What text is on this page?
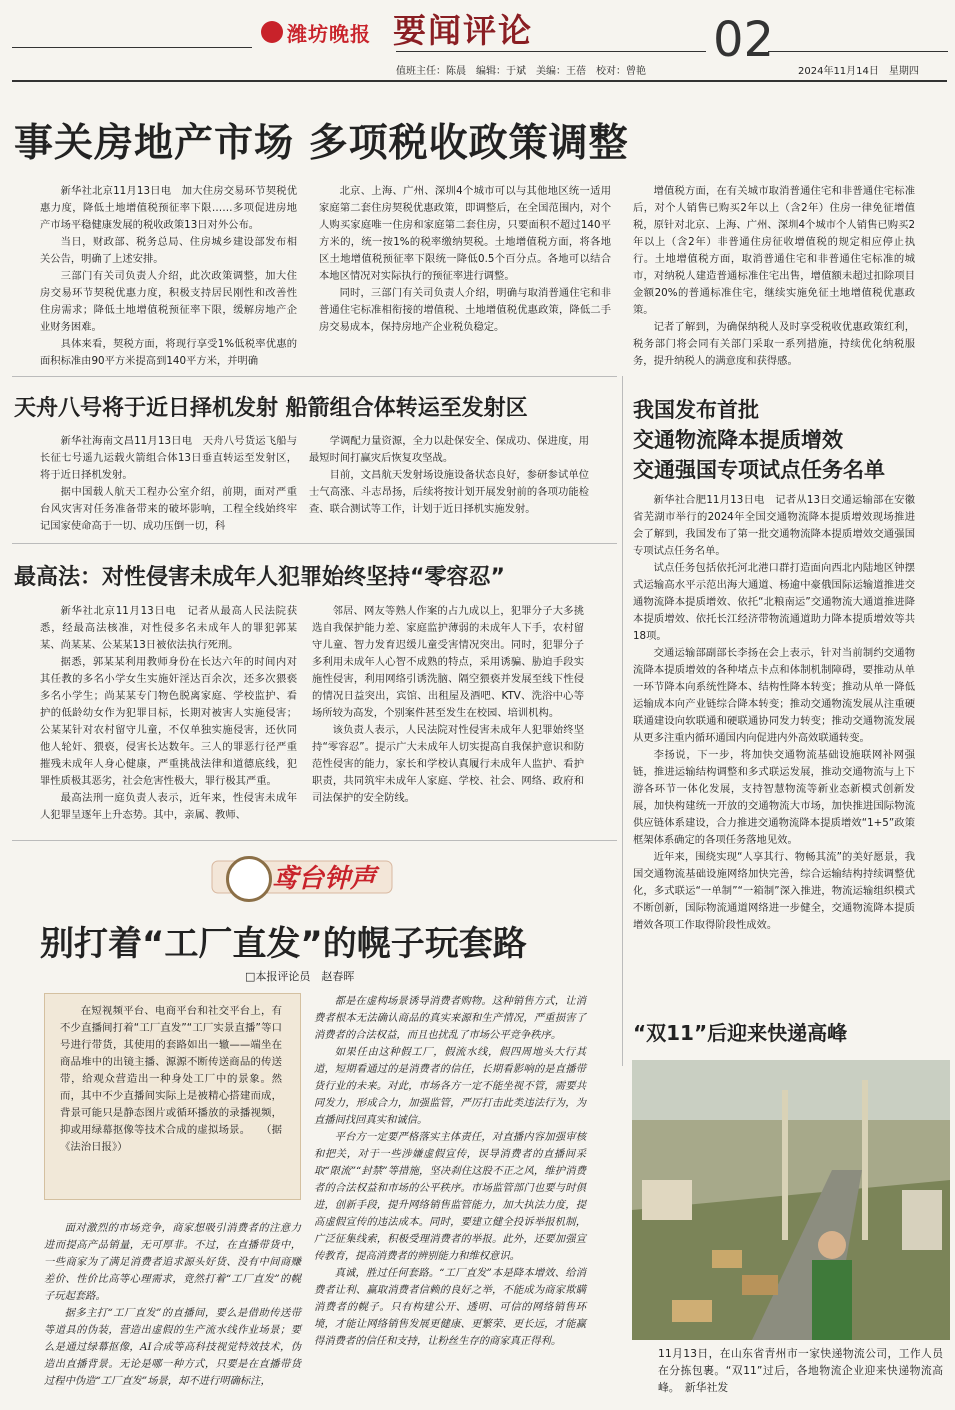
潍坊晚报 要闻评论	02
值班主任：陈晨　编辑：于斌　美编：王蓓　校对：曾艳	2024年11月14日　星期四
事关房地产市场 多项税收政策调整

新华社北京11月13日电　加大住房交易环节契税优惠力度，降低土地增值税预征率下限……多项促进房地产市场平稳健康发展的税收政策13日对外公布。

当日，财政部、税务总局、住房城乡建设部发布相关公告，明确了上述安排。

三部门有关司负责人介绍，此次政策调整，加大住房交易环节契税优惠力度，积极支持居民刚性和改善性住房需求；降低土地增值税预征率下限，缓解房地产企业财务困难。

具体来看，契税方面，将现行享受1%低税率优惠的面积标准由90平方米提高到140平方米，并明确

北京、上海、广州、深圳4个城市可以与其他地区统一适用家庭第二套住房契税优惠政策，即调整后，在全国范围内，对个人购买家庭唯一住房和家庭第二套住房，只要面积不超过140平方米的，统一按1%的税率缴纳契税。土地增值税方面，将各地区土地增值税预征率下限统一降低0.5个百分点。各地可以结合本地区情况对实际执行的预征率进行调整。

同时，三部门有关司负责人介绍，明确与取消普通住宅和非普通住宅标准相衔接的增值税、土地增值税优惠政策，降低二手房交易成本，保持房地产企业税负稳定。

增值税方面，在有关城市取消普通住宅和非普通住宅标准后，对个人销售已购买2年以上（含2年）住房一律免征增值税，原针对北京、上海、广州、深圳4个城市个人销售已购买2年以上（含2年）非普通住房征收增值税的规定相应停止执行。土地增值税方面，取消普通住宅和非普通住宅标准的城市，对纳税人建造普通标准住宅出售，增值额未超过扣除项目金额20%的普通标准住宅，继续实施免征土地增值税优惠政策。

记者了解到，为确保纳税人及时享受税收优惠政策红利，税务部门将会同有关部门采取一系列措施，持续优化纳税服务，提升纳税人的满意度和获得感。

天舟八号将于近日择机发射 船箭组合体转运至发射区

新华社海南文昌11月13日电　天舟八号货运飞船与长征七号遥九运载火箭组合体13日垂直转运至发射区，将于近日择机发射。

据中国载人航天工程办公室介绍，前期，面对严重台风灾害对任务准备带来的破坏影响，工程全线始终牢记国家使命高于一切、成功压倒一切，科

学调配力量资源，全力以赴保安全、保成功、保进度，用最短时间打赢灾后恢复攻坚战。

目前，文昌航天发射场设施设备状态良好，参研参试单位士气高涨、斗志昂扬，后续将按计划开展发射前的各项功能检查、联合测试等工作，计划于近日择机实施发射。

最高法：对性侵害未成年人犯罪始终坚持“零容忍”

新华社北京11月13日电　记者从最高人民法院获悉，经最高法核准，对性侵多名未成年人的罪犯郭某某、尚某某、公某某13日被依法执行死刑。

据悉，郭某某利用教师身份在长达六年的时间内对其任教的多名小学女生实施奸淫达百余次，还多次猥亵多名小学生；尚某某专门物色脱离家庭、学校监护、看护的低龄幼女作为犯罪目标，长期对被害人实施侵害；公某某针对农村留守儿童，不仅单独实施侵害，还伙同他人轮奸、猥亵，侵害长达数年。三人的罪恶行径严重摧残未成年人身心健康，严重挑战法律和道德底线，犯罪性质极其恶劣，社会危害性极大，罪行极其严重。

最高法刑一庭负责人表示，近年来，性侵害未成年人犯罪呈逐年上升态势。其中，亲属、教师、

邻居、网友等熟人作案的占九成以上，犯罪分子大多挑选自我保护能力差、家庭监护薄弱的未成年人下手，农村留守儿童、智力发育迟缓儿童受害情况突出。同时，犯罪分子多利用未成年人心智不成熟的特点，采用诱骗、胁迫手段实施性侵害，利用网络引诱洗脑、隔空猥亵并发展至线下性侵的情况日益突出，宾馆、出租屋及酒吧、KTV、洗浴中心等场所较为高发，个别案件甚至发生在校园、培训机构。

该负责人表示，人民法院对性侵害未成年人犯罪始终坚持“零容忍”。提示广大未成年人切实提高自我保护意识和防范性侵害的能力，家长和学校认真履行未成年人监护、看护职责，共同筑牢未成年人家庭、学校、社会、网络、政府和司法保护的安全防线。

我国发布首批
交通物流降本提质增效
交通强国专项试点任务名单

新华社合肥11月13日电　记者从13日交通运输部在安徽省芜湖市举行的2024年全国交通物流降本提质增效现场推进会了解到，我国发布了第一批交通物流降本提质增效交通强国专项试点任务名单。

试点任务包括依托河北港口群打造面向西北内陆地区钟摆式运输高水平示范出海大通道、杨逾中豪俄国际运输道推进交通物流降本提质增效、依托“北粮南运”交通物流大通道推进降本提质增效、依托长江经济带物流通道助力降本提质增效等共18项。

交通运输部副部长李扬在会上表示，针对当前制约交通物流降本提质增效的各种堵点卡点和体制机制障碍，要推动从单一环节降本向系统性降本、结构性降本转变；推动从单一降低运输成本向产业链综合降本转变；推动交通物流发展从注重硬联通建设向软联通和硬联通协同发力转变；推动交通物流发展从更多注重内循环通国内向促进内外高效联通转变。

李扬说，下一步，将加快交通物流基础设施联网补网强链，推进运输结构调整和多式联运发展，推动交通物流与上下游各环节一体化发展，支持智慧物流等新业态新模式创新发展，加快构建统一开放的交通物流大市场，加快推进国际物流供应链体系建设，合力推进交通物流降本提质增效“1+5”政策框架体系确定的各项任务落地见效。

近年来，围绕实现“人享其行、物畅其流”的美好愿景，我国交通物流基础设施网络加快完善，综合运输结构持续调整优化，多式联运“一单制”“一箱制”深入推进，物流运输组织模式不断创新，国际物流通道网络进一步健全，交通物流降本提质增效各项工作取得阶段性成效。

鸢台钟声
别打着“工厂直发”的幌子玩套路
□本报评论员　赵春晖

在短视频平台、电商平台和社交平台上，有不少直播间打着“工厂直发”“工厂实景直播”等口号进行带货，其使用的套路如出一辙——端坐在商品堆中的出镜主播、源源不断传送商品的传送带，给观众营造出一种身处工厂中的景象。然而，其中不少直播间实际上是被精心搭建而成，背景可能只是静态图片或循环播放的录播视频，抑或用绿幕抠像等技术合成的虚拟场景。　　（据《法治日报》）

面对激烈的市场竞争，商家想吸引消费者的注意力进而提高产品销量，无可厚非。不过，在直播带货中，一些商家为了满足消费者追求源头好货、没有中间商赚差价、性价比高等心理需求，竟然打着“工厂直发”的幌子玩起套路。

据多主打“工厂直发”的直播间，要么是借助传送带等道具的伪装，营造出虚假的生产流水线作业场景；要么是通过绿幕抠像，AI合成等高科技视觉特效技术，伪造出直播背景。无论是哪一种方式，只要是在直播带货过程中伪造“工厂直发”场景，却不进行明确标注，

都是在虚构场景诱导消费者购物。这种销售方式，让消费者根本无法确认商品的真实来源和生产情况，严重损害了消费者的合法权益，而且也扰乱了市场公平竞争秩序。

如果任由这种假工厂，假流水线，假四周地头大行其道，短期看通过的是消费者的信任，长期看影响的是直播带货行业的未来。对此，市场各方一定不能坐视不管，需要共同发力，形成合力，加强监管，严厉打击此类违法行为，为直播间找回真实和诚信。

平台方一定要严格落实主体责任，对直播内容加强审核和把关，对于一些涉嫌虚假宣传，误导消费者的直播间采取“限流”“封禁”等措施，坚决刹住这股不正之风，维护消费者的合法权益和市场的公平秩序。市场监管部门也要与时俱进，创新手段，提升网络销售监管能力，加大执法力度，提高虚假宣传的违法成本。同时，要建立健全投诉举报机制，广泛征集线索，积极受理消费者的举报。此外，还要加强宣传教育，提高消费者的辨别能力和维权意识。

真诚，胜过任何套路。“工厂直发”本是降本增效、给消费者让利、赢取消费者信赖的良好之举，不能成为商家欺瞒消费者的幌子。只有构建公开、透明、可信的网络销售环境，才能让网络销售发展更健康、更繁荣、更长远，才能赢得消费者的信任和支持，让粉丝生存的商家真正得利。

“双11”后迎来快递高峰

11月13日，在山东省青州市一家快递物流公司，工作人员在分拣包裹。“双11”过后，各地物流企业迎来快递物流高峰。　新华社发
